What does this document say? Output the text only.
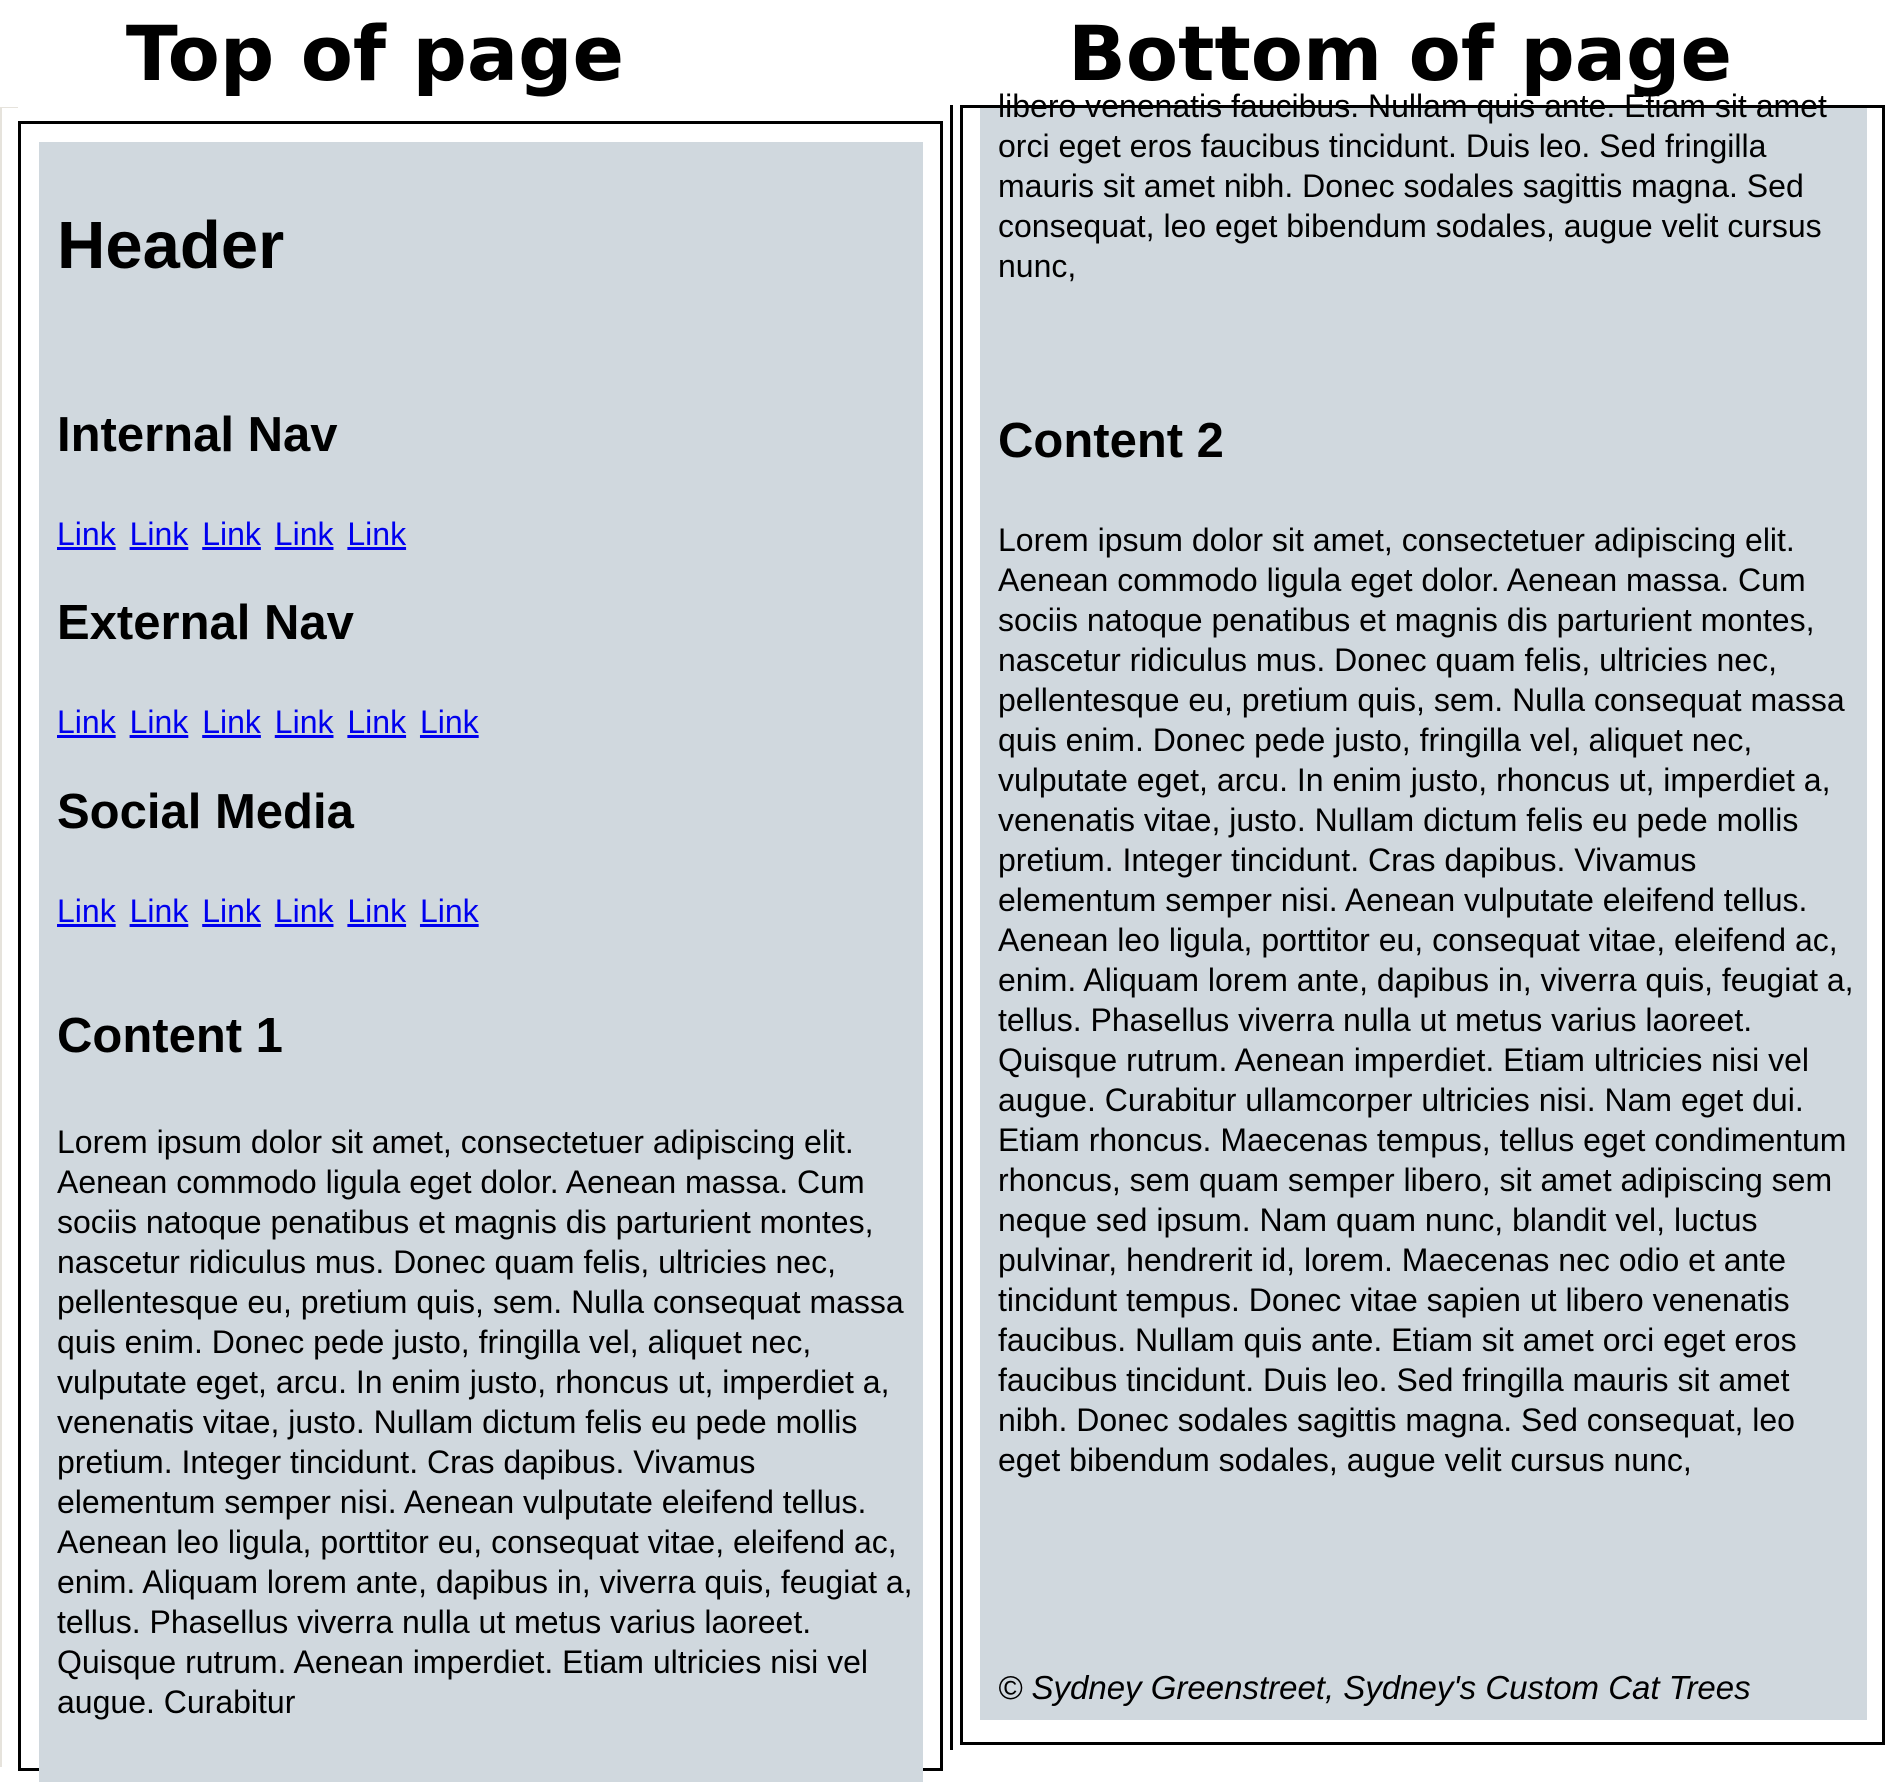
Top of page	Bottom of page
Header
Internal Nav
Link Link Link Link Link
External Nav
Link Link Link Link Link Link
Social Media
Link Link Link Link Link Link
Content 1

Lorem ipsum dolor sit amet, consectetuer adipiscing elit. Aenean commodo ligula eget dolor. Aenean massa. Cum sociis natoque penatibus et magnis dis parturient montes, nascetur ridiculus mus. Donec quam felis, ultricies nec, pellentesque eu, pretium quis, sem. Nulla consequat massa quis enim. Donec pede justo, fringilla vel, aliquet nec, vulputate eget, arcu. In enim justo, rhoncus ut, imperdiet a, venenatis vitae, justo. Nullam dictum felis eu pede mollis pretium. Integer tincidunt. Cras dapibus. Vivamus elementum semper nisi. Aenean vulputate eleifend tellus. Aenean leo ligula, porttitor eu, consequat vitae, eleifend ac, enim. Aliquam lorem ante, dapibus in, viverra quis, feugiat a, tellus. Phasellus viverra nulla ut metus varius laoreet. Quisque rutrum. Aenean imperdiet. Etiam ultricies nisi vel augue. Curabitur

libero venenatis faucibus. Nullam quis ante. Etiam sit amet orci eget eros faucibus tincidunt. Duis leo. Sed fringilla mauris sit amet nibh. Donec sodales sagittis magna. Sed consequat, leo eget bibendum sodales, augue velit cursus nunc,

Content 2

Lorem ipsum dolor sit amet, consectetuer adipiscing elit. Aenean commodo ligula eget dolor. Aenean massa. Cum sociis natoque penatibus et magnis dis parturient montes, nascetur ridiculus mus. Donec quam felis, ultricies nec, pellentesque eu, pretium quis, sem. Nulla consequat massa quis enim. Donec pede justo, fringilla vel, aliquet nec, vulputate eget, arcu. In enim justo, rhoncus ut, imperdiet a, venenatis vitae, justo. Nullam dictum felis eu pede mollis pretium. Integer tincidunt. Cras dapibus. Vivamus elementum semper nisi. Aenean vulputate eleifend tellus. Aenean leo ligula, porttitor eu, consequat vitae, eleifend ac, enim. Aliquam lorem ante, dapibus in, viverra quis, feugiat a, tellus. Phasellus viverra nulla ut metus varius laoreet. Quisque rutrum. Aenean imperdiet. Etiam ultricies nisi vel augue. Curabitur ullamcorper ultricies nisi. Nam eget dui. Etiam rhoncus. Maecenas tempus, tellus eget condimentum rhoncus, sem quam semper libero, sit amet adipiscing sem neque sed ipsum. Nam quam nunc, blandit vel, luctus pulvinar, hendrerit id, lorem. Maecenas nec odio et ante tincidunt tempus. Donec vitae sapien ut libero venenatis faucibus. Nullam quis ante. Etiam sit amet orci eget eros faucibus tincidunt. Duis leo. Sed fringilla mauris sit amet nibh. Donec sodales sagittis magna. Sed consequat, leo eget bibendum sodales, augue velit cursus nunc,

© Sydney Greenstreet, Sydney's Custom Cat Trees
